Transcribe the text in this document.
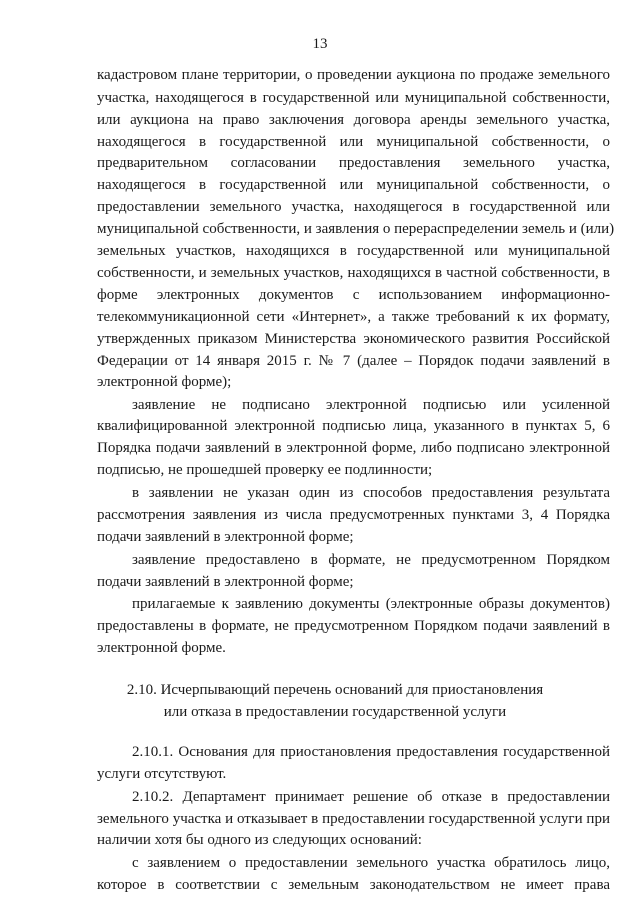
13
кадастровом плане территории, о проведении аукциона по продаже земельного
участка, находящегося в государственной или муниципальной собственности,
или аукциона на право заключения договора аренды земельного участка,
находящегося в государственной или муниципальной собственности, о
предварительном согласовании предоставления земельного участка,
находящегося в государственной или муниципальной собственности, о
предоставлении земельного участка, находящегося в государственной или
муниципальной собственности, и заявления о перераспределении земель и (или)
земельных участков, находящихся в государственной или муниципальной
собственности, и земельных участков, находящихся в частной собственности, в
форме электронных документов с использованием информационно-
телекоммуникационной сети «Интернет», а также требований к их формату,
утвержденных приказом Министерства экономического развития Российской
Федерации от 14 января 2015 г. № 7 (далее – Порядок подачи заявлений в
электронной форме);
заявление не подписано электронной подписью или усиленной
квалифицированной электронной подписью лица, указанного в пунктах 5, 6
Порядка подачи заявлений в электронной форме, либо подписано электронной
подписью, не прошедшей проверку ее подлинности;
в заявлении не указан один из способов предоставления результата
рассмотрения заявления из числа предусмотренных пунктами 3, 4 Порядка
подачи заявлений в электронной форме;
заявление предоставлено в формате, не предусмотренном Порядком
подачи заявлений в электронной форме;
прилагаемые к заявлению документы (электронные образы документов)
предоставлены в формате, не предусмотренном Порядком подачи заявлений в
электронной форме.
2.10. Исчерпывающий перечень оснований для приостановления
или отказа в предоставлении государственной услуги
2.10.1. Основания для приостановления предоставления государственной
услуги отсутствуют.
2.10.2. Департамент принимает решение об отказе в предоставлении
земельного участка и отказывает в предоставлении государственной услуги при
наличии хотя бы одного из следующих оснований:
с заявлением о предоставлении земельного участка обратилось лицо,
которое в соответствии с земельным законодательством не имеет права
